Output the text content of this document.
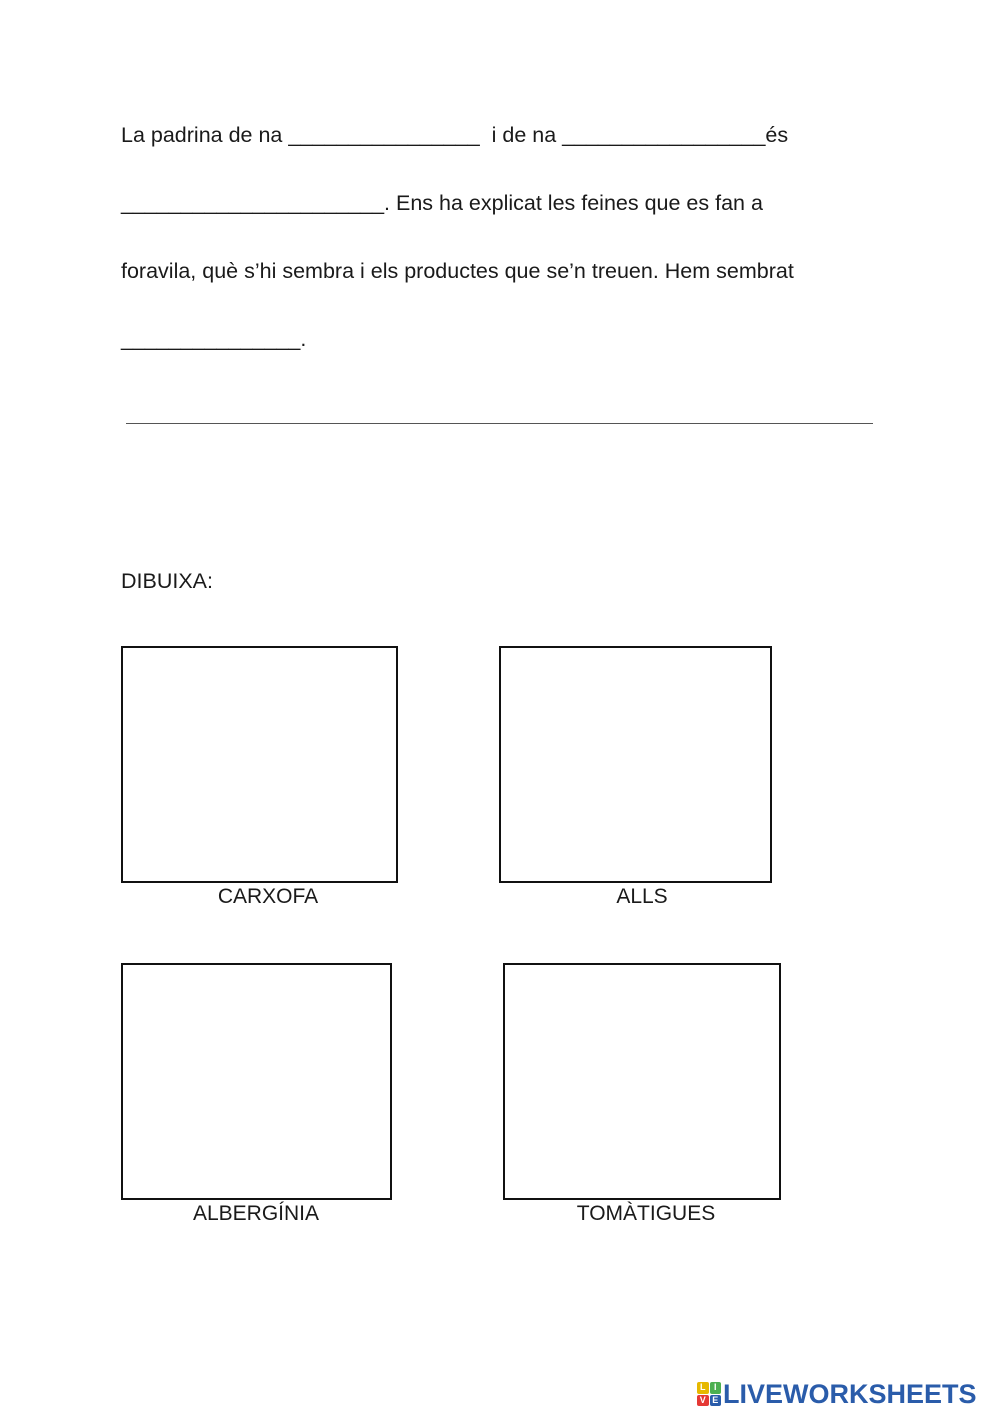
La padrina de na ________________  i de na _________________és

______________________. Ens ha explicat les feines que es fan a

foravila, què s’hi sembra i els productes que se’n treuen. Hem sembrat

_______________.

DIBUIXA:

CARXOFA	ALLS
ALBERGÍNIA	TOMÀTIGUES
L I
V E LIVEWORKSHEETS
